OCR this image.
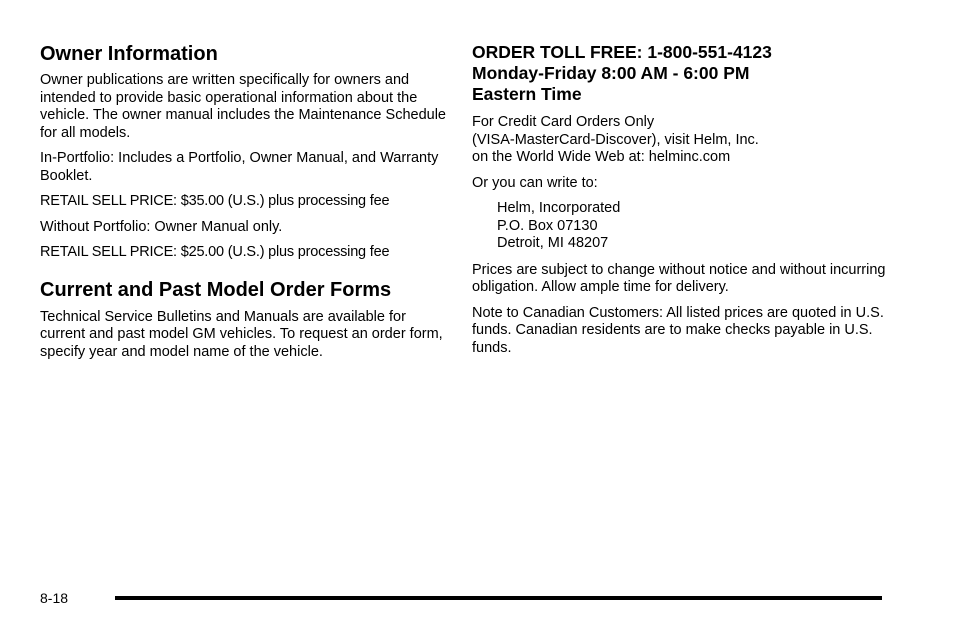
Owner Information

Owner publications are written specifically for owners and intended to provide basic operational information about the vehicle. The owner manual includes the Maintenance Schedule for all models.

In-Portfolio: Includes a Portfolio, Owner Manual, and Warranty Booklet.

RETAIL SELL PRICE: $35.00 (U.S.) plus processing fee

Without Portfolio: Owner Manual only.

RETAIL SELL PRICE: $25.00 (U.S.) plus processing fee

Current and Past Model Order Forms

Technical Service Bulletins and Manuals are available for current and past model GM vehicles. To request an order form, specify year and model name of the vehicle.

ORDER TOLL FREE: 1-800-551-4123
Monday-Friday 8:00 AM - 6:00 PM
Eastern Time

For Credit Card Orders Only
(VISA-MasterCard-Discover), visit Helm, Inc.
on the World Wide Web at: helminc.com

Or you can write to:

Helm, Incorporated
P.O. Box 07130
Detroit, MI 48207

Prices are subject to change without notice and without incurring obligation. Allow ample time for delivery.

Note to Canadian Customers: All listed prices are quoted in U.S. funds. Canadian residents are to make checks payable in U.S. funds.

8-18
